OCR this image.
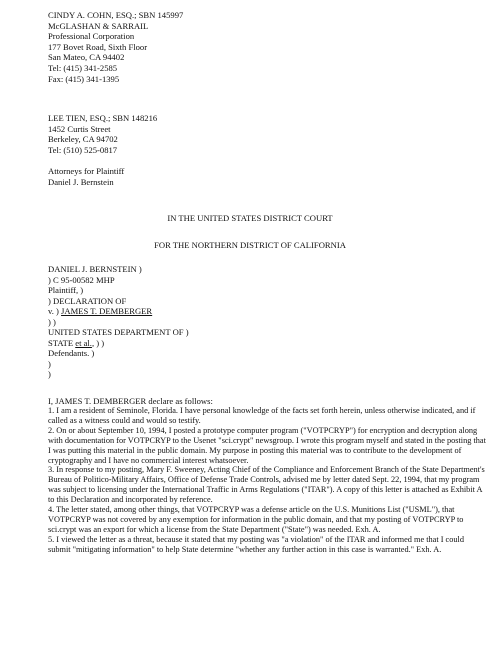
CINDY A. COHN, ESQ.; SBN 145997
McGLASHAN & SARRAIL
Professional Corporation
177 Bovet Road, Sixth Floor
San Mateo, CA 94402
Tel: (415) 341-2585
Fax: (415) 341-1395
LEE TIEN, ESQ.; SBN 148216
1452 Curtis Street
Berkeley, CA 94702
Tel: (510) 525-0817
Attorneys for Plaintiff
Daniel J. Bernstein
IN THE UNITED STATES DISTRICT COURT
FOR THE NORTHERN DISTRICT OF CALIFORNIA
DANIEL J. BERNSTEIN )
) C 95-00582 MHP
Plaintiff, )
) DECLARATION OF
v. ) JAMES T. DEMBERGER
) )
UNITED STATES DEPARTMENT OF )
STATE et al., ) )
Defendants. )
)
)
I, JAMES T. DEMBERGER declare as follows:

1. I am a resident of Seminole, Florida. I have personal knowledge of the facts set forth herein, unless otherwise indicated, and if called as a witness could and would so testify.

2. On or about September 10, 1994, I posted a prototype computer program ("VOTPCRYP") for encryption and decryption along with documentation for VOTPCRYP to the Usenet "sci.crypt" newsgroup. I wrote this program myself and stated in the posting that I was putting this material in the public domain. My purpose in posting this material was to contribute to the development of cryptography and I have no commercial interest whatsoever.

3. In response to my posting, Mary F. Sweeney, Acting Chief of the Compliance and Enforcement Branch of the State Department's Bureau of Politico-Military Affairs, Office of Defense Trade Controls, advised me by letter dated Sept. 22, 1994, that my program was subject to licensing under the International Traffic in Arms Regulations ("ITAR"). A copy of this letter is attached as Exhibit A to this Declaration and incorporated by reference.

4. The letter stated, among other things, that VOTPCRYP was a defense article on the U.S. Munitions List ("USML"), that VOTPCRYP was not covered by any exemption for information in the public domain, and that my posting of VOTPCRYP to sci.crypt was an export for which a license from the State Department ("State") was needed. Exh. A.

5. I viewed the letter as a threat, because it stated that my posting was "a violation" of the ITAR and informed me that I could submit "mitigating information" to help State determine "whether any further action in this case is warranted." Exh. A.
